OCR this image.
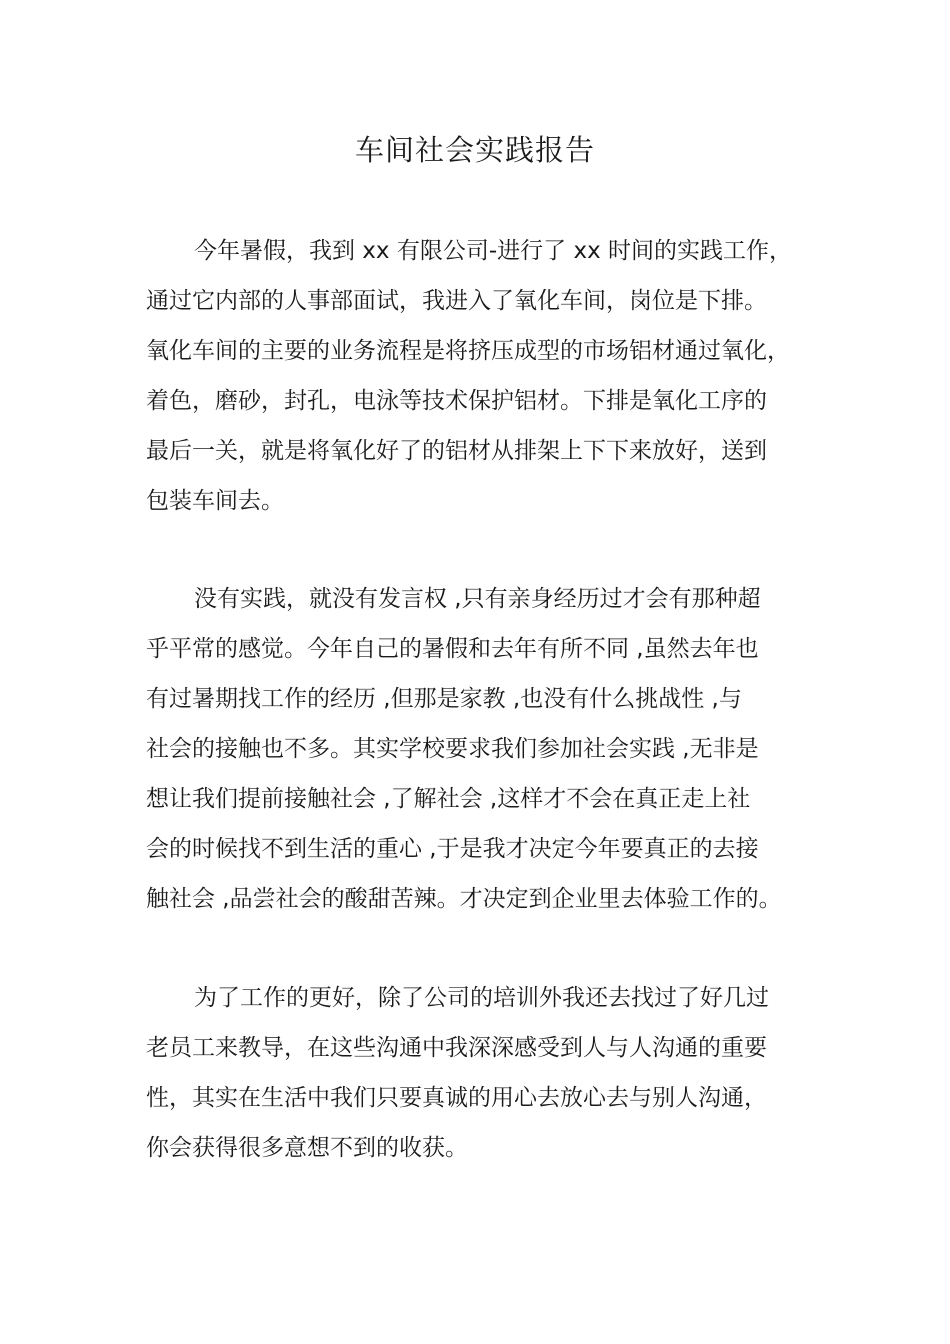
车间社会实践报告
今年暑假，我到 xx 有限公司-进行了 xx 时间的实践工作，
通过它内部的人事部面试，我进入了氧化车间，岗位是下排。
氧化车间的主要的业务流程是将挤压成型的市场铝材通过氧化，
着色，磨砂，封孔，电泳等技术保护铝材。下排是氧化工序的
最后一关，就是将氧化好了的铝材从排架上下下来放好，送到
包装车间去。
没有实践，就没有发言权 ,只有亲身经历过才会有那种超
乎平常的感觉。今年自己的暑假和去年有所不同 ,虽然去年也
有过暑期找工作的经历 ,但那是家教 ,也没有什么挑战性 ,与
社会的接触也不多。其实学校要求我们参加社会实践 ,无非是
想让我们提前接触社会 ,了解社会 ,这样才不会在真正走上社
会的时候找不到生活的重心 ,于是我才决定今年要真正的去接
触社会 ,品尝社会的酸甜苦辣。才决定到企业里去体验工作的。
为了工作的更好，除了公司的培训外我还去找过了好几过
老员工来教导，在这些沟通中我深深感受到人与人沟通的重要
性，其实在生活中我们只要真诚的用心去放心去与别人沟通，
你会获得很多意想不到的收获。
